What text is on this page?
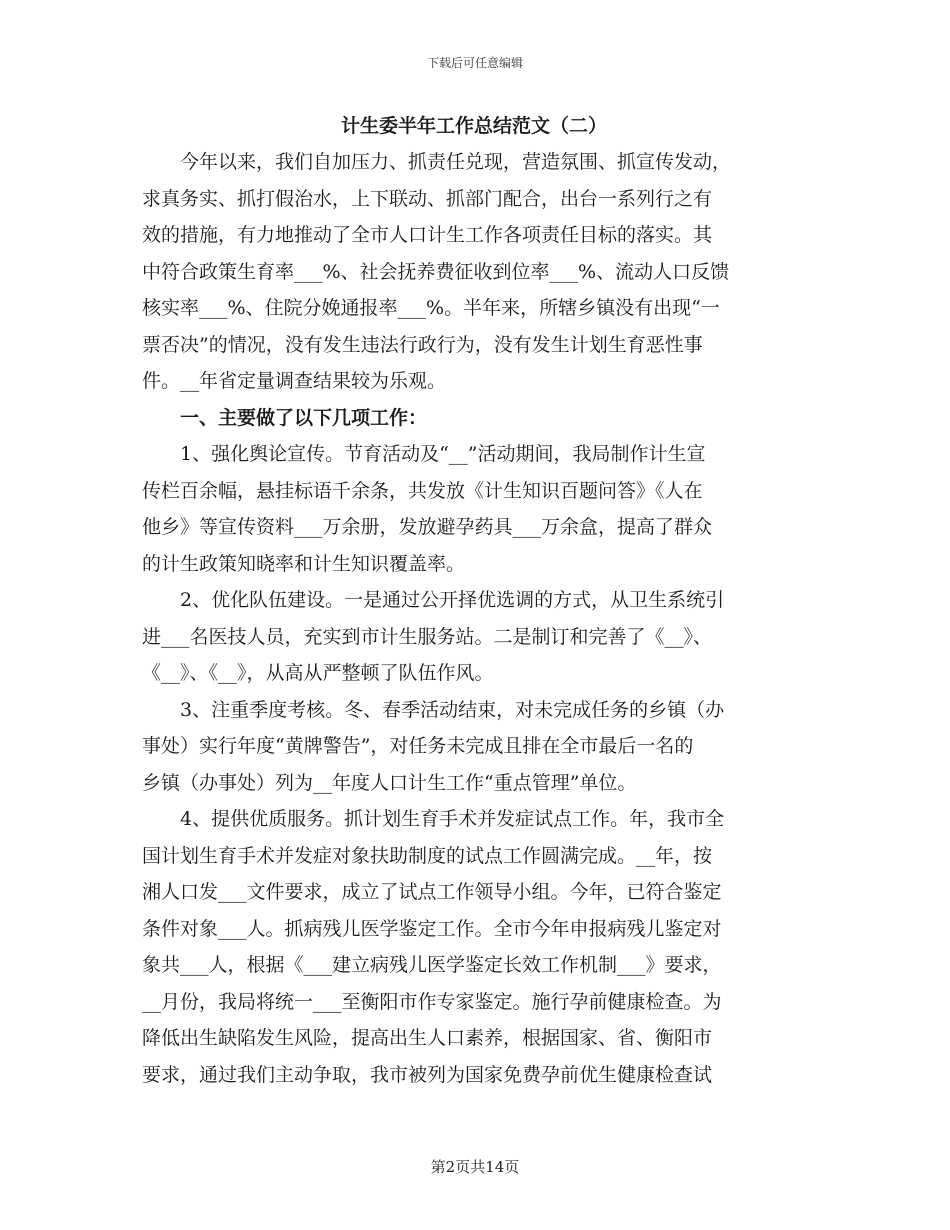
下载后可任意编辑
计生委半年工作总结范文（二）

今年以来，我们自加压力、抓责任兑现，营造氛围、抓宣传发动，
求真务实、抓打假治水，上下联动、抓部门配合，出台一系列行之有
效的措施，有力地推动了全市人口计生工作各项责任目标的落实。其
中符合政策生育率___%、社会抚养费征收到位率___%、流动人口反馈
核实率___%、住院分娩通报率___%。半年来，所辖乡镇没有出现“一
票否决”的情况，没有发生违法行政行为，没有发生计划生育恶性事
件。__年省定量调查结果较为乐观。

一、主要做了以下几项工作：

1、强化舆论宣传。节育活动及“__”活动期间，我局制作计生宣
传栏百余幅，悬挂标语千余条，共发放《计生知识百题问答》《人在
他乡》等宣传资料___万余册，发放避孕药具___万余盒，提高了群众
的计生政策知晓率和计生知识覆盖率。

2、优化队伍建设。一是通过公开择优选调的方式，从卫生系统引
进___名医技人员，充实到市计生服务站。二是制订和完善了《__》、
《__》、《__》，从高从严整顿了队伍作风。

3、注重季度考核。冬、春季活动结束，对未完成任务的乡镇（办
事处）实行年度“黄牌警告”，对任务未完成且排在全市最后一名的
乡镇（办事处）列为__年度人口计生工作“重点管理”单位。

4、提供优质服务。抓计划生育手术并发症试点工作。年，我市全
国计划生育手术并发症对象扶助制度的试点工作圆满完成。__年，按
湘人口发___文件要求，成立了试点工作领导小组。今年，已符合鉴定
条件对象___人。抓病残儿医学鉴定工作。全市今年申报病残儿鉴定对
象共___人，根据《___建立病残儿医学鉴定长效工作机制___》要求，
__月份，我局将统一___至衡阳市作专家鉴定。施行孕前健康检查。为
降低出生缺陷发生风险，提高出生人口素养，根据国家、省、衡阳市
要求，通过我们主动争取，我市被列为国家免费孕前优生健康检查试

第2页共14页
